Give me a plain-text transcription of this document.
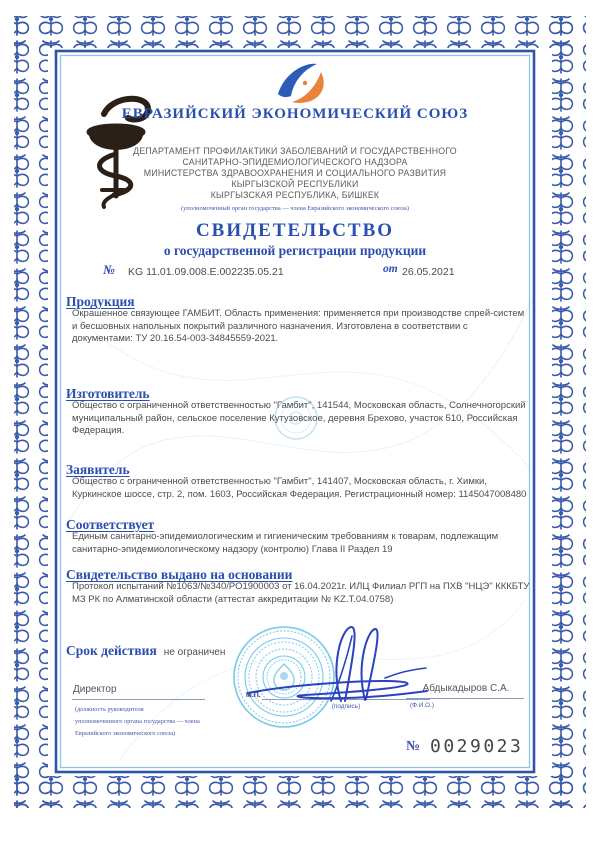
ЕВРАЗИЙСКИЙ ЭКОНОМИЧЕСКИЙ СОЮЗ
ДЕПАРТАМЕНТ ПРОФИЛАКТИКИ ЗАБОЛЕВАНИЙ И ГОСУДАРСТВЕННОГО
САНИТАРНО-ЭПИДЕМИОЛОГИЧЕСКОГО НАДЗОРА
МИНИСТЕРСТВА ЗДРАВООХРАНЕНИЯ И СОЦИАЛЬНОГО РАЗВИТИЯ
КЫРГЫЗСКОЙ РЕСПУБЛИКИ
КЫРГЫЗСКАЯ РЕСПУБЛИКА, БИШКЕК
(уполномоченный орган государства — члена Евразийского экономического союза)
СВИДЕТЕЛЬСТВО
о государственной регистрации продукции
№ KG 11.01.09.008.Е.002235.05.21	от 26.05.2021
Продукция
Окрашенное связующее ГАМБИТ. Область применения: применяется при производстве спрей-систем и бесшовных напольных покрытий различного назначения. Изготовлена в соответствии с документами: ТУ 20.16.54-003-34845559-2021.
Изготовитель
Общество с ограниченной ответственностью "Гамбит", 141544, Московская область, Солнечногорский муниципальный район, сельское поселение Кутузовское, деревня Брехово, участок 510, Российская Федерация.
Заявитель
Общество с ограниченной ответственностью "Гамбит", 141407, Московская область, г. Химки, Куркинское шоссе, стр. 2, пом. 1603, Российская Федерация. Регистрационный номер: 1145047008480
Соответствует
Единым санитарно-эпидемиологическим и гигиеническим требованиям к товарам, подлежащим санитарно-эпидемиологическому надзору (контролю) Глава II Раздел 19
Свидетельство выдано на основании
Протокол испытаний №1063/№340/РО1900003 от 16.04.2021г. ИЛЦ Филиал РГП на ПХВ "НЦЭ" КККБТУ МЗ РК по Алматинской области (аттестат аккредитации № KZ.Т.04.0758)
Срок действия не ограничен
Директор
(должность руководителя
уполномоченного органа государства — члена
Евразийского экономического союза)
М.П.
(подпись)
Абдыкадыров С.А.
(Ф.И.О.)
№ 0029023
